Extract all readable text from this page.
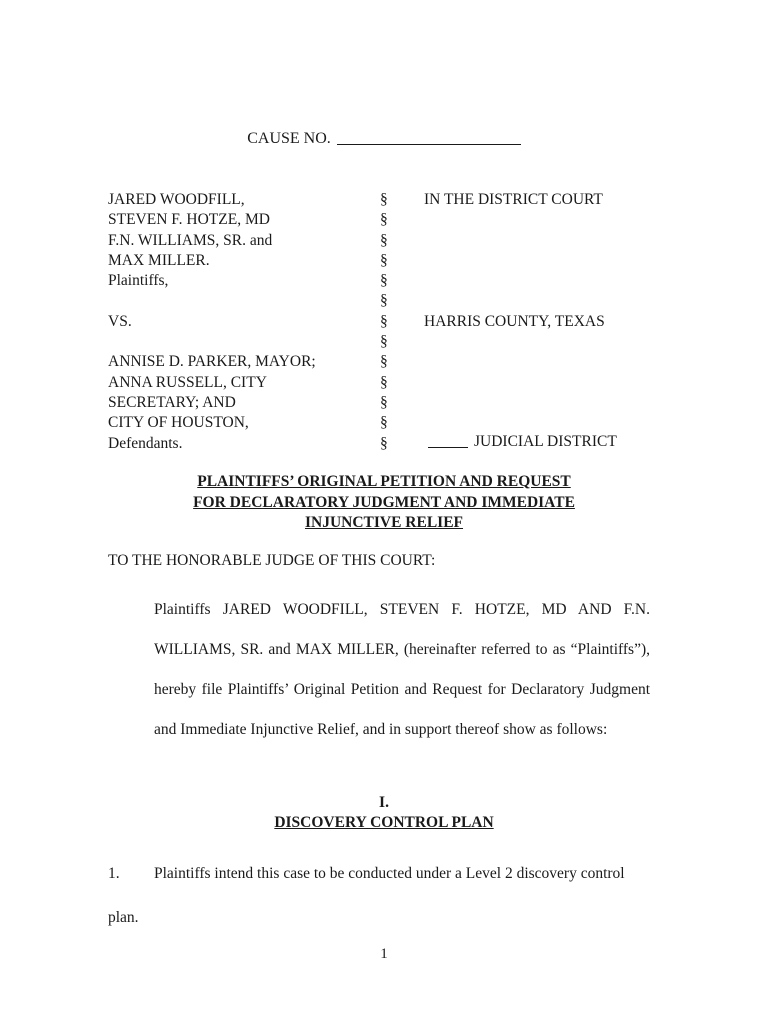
CAUSE NO.
JARED WOODFILL,
STEVEN F. HOTZE, MD
F.N. WILLIAMS, SR. and
MAX MILLER.
Plaintiffs,
VS.
ANNISE D. PARKER, MAYOR;
ANNA RUSSELL, CITY
SECRETARY; AND
CITY OF HOUSTON,
Defendants.
§
§
§
§
§
§
§
§
§
§
§
§
§
IN THE DISTRICT COURT
HARRIS COUNTY, TEXAS
JUDICIAL DISTRICT
PLAINTIFFS’ ORIGINAL PETITION AND REQUEST
FOR DECLARATORY JUDGMENT AND IMMEDIATE
INJUNCTIVE RELIEF
TO THE HONORABLE JUDGE OF THIS COURT:
Plaintiffs JARED WOODFILL, STEVEN F. HOTZE, MD AND F.N. WILLIAMS, SR. and MAX MILLER, (hereinafter referred to as “Plaintiffs”), hereby file Plaintiffs’ Original Petition and Request for Declaratory Judgment and Immediate Injunctive Relief, and in support thereof show as follows:
I.
DISCOVERY CONTROL PLAN
1. Plaintiffs intend this case to be conducted under a Level 2 discovery control plan.
1
